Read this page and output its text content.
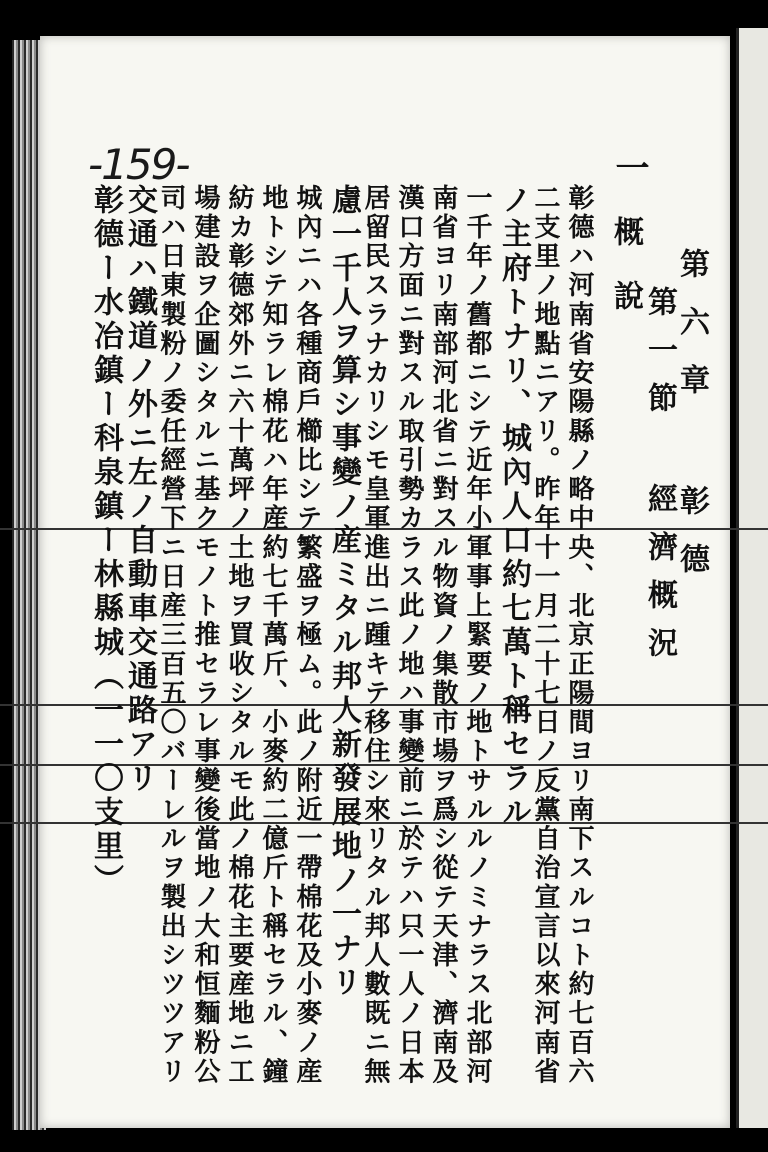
-159-
第六章 彰德
第一節 經濟概況
一
概說
彰德ハ河南省安陽縣ノ略中央、北京正陽間ヨリ南下スルコト約七百六
二支里ノ地點ニアリ。昨年十一月二十七日ノ反黨自治宣言以來河南省
ノ主府トナリ、城內人口約七萬ト稱セラル
一千年ノ舊都ニシテ近年小軍事上緊要ノ地トサルルノミナラス北部河
南省ヨリ南部河北省ニ對スル物資ノ集散市場ヲ爲シ從テ天津、濟南及
漢口方面ニ對スル取引勢カラス此ノ地ハ事變前ニ於テハ只一人ノ日本
居留民スラナカリシモ皇軍進出ニ踵キテ移住シ來リタル邦人數既ニ無
慮一千人ヲ算シ事變ノ産ミタル邦人新發展地ノ一ナリ
城內ニハ各種商戶櫛比シテ繁盛ヲ極ム。此ノ附近一帶棉花及小麥ノ産
地トシテ知ラレ棉花ハ年産約七千萬斤、小麥約二億斤ト稱セラル、鐘
紡カ彰德郊外ニ六十萬坪ノ土地ヲ買收シタルモ此ノ棉花主要産地ニ工
場建設ヲ企圖シタルニ基クモノト推セラレ事變後當地ノ大和恒麵粉公
司ハ日東製粉ノ委任經營下ニ日産三百五〇バーレルヲ製出シツツアリ
交通ハ鐵道ノ外ニ左ノ自動車交通路アリ
彰德ー水冶鎮ー科泉鎮ー林縣城（一一〇支里）
